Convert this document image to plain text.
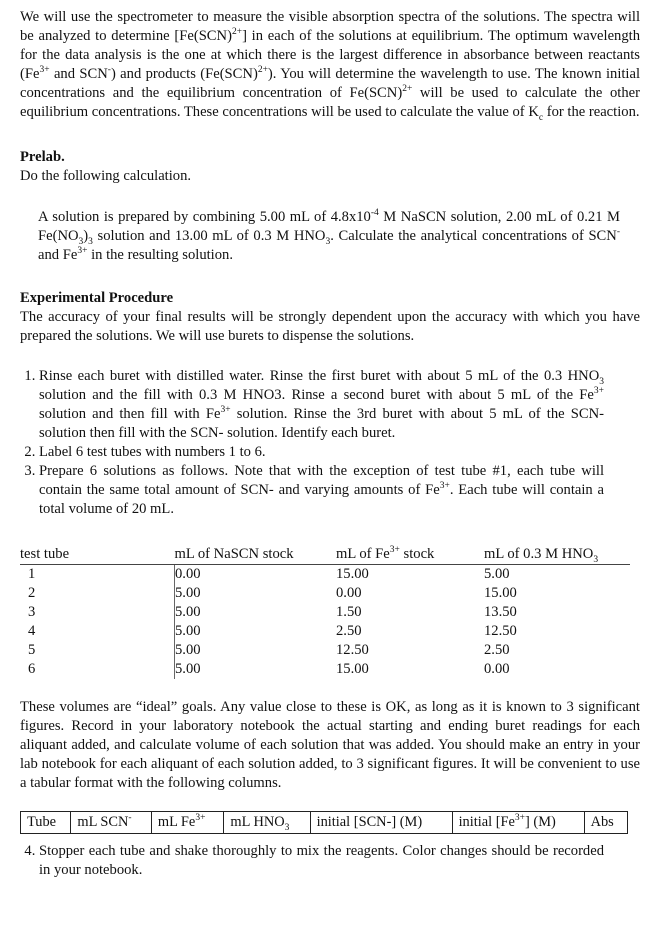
We will use the spectrometer to measure the visible absorption spectra of the solutions. The spectra will be analyzed to determine [Fe(SCN)$^{2+}$] in each of the solutions at equilibrium. The optimum wavelength for the data analysis is the one at which there is the largest difference in absorbance between reactants ($Fe^{3+}$ and SCN-) and products (Fe(SCN)$^{2+}$). You will determine the wavelength to use. The known initial concentrations and the equilibrium concentration of Fe(SCN)$^{2+}$ will be used to calculate the other equilibrium concentrations. These concentrations will be used to calculate the value of $K_c$ for the reaction.

Prelab.

Do the following calculation.

A solution is prepared by combining 5.00 mL of $4.8x10^{-4}$ M NaSCN solution, 2.00 mL of 0.21 M $Fe(NO_3)_3$ solution and 13.00 mL of 0.3 M $HNO_3$. Calculate the analytical concentrations of SCN- and $Fe^{3+}$ in the resulting solution.

Experimental Procedure

The accuracy of your final results will be strongly dependent upon the accuracy with which you have prepared the solutions. We will use burets to dispense the solutions.

1. Rinse each buret with distilled water. Rinse the first buret with about 5 mL of the 0.3 $HNO_3$ solution and the fill with 0.3 M HNO3. Rinse a second buret with about 5 mL of the $Fe^{3+}$ solution and then fill with $Fe^{3+}$ solution. Rinse the 3rd buret with about 5 mL of the SCN- solution then fill with the SCN- solution. Identify each buret.
2. Label 6 test tubes with numbers 1 to 6.
3. Prepare 6 solutions as follows. Note that with the exception of test tube #1, each tube will contain the same total amount of SCN- and varying amounts of $Fe^{3+}$. Each tube will contain a total volume of 20 mL.
test tube	mL of NaSCN stock	mL of $Fe^{3+}$ stock	mL of 0.3 M $HNO_3$
1	0.00	15.00	5.00
2	5.00	0.00	15.00
3	5.00	1.50	13.50
4	5.00	2.50	12.50
5	5.00	12.50	2.50
6	5.00	15.00	0.00

These volumes are “ideal” goals. Any value close to these is OK, as long as it is known to 3 significant figures. Record in your laboratory notebook the actual starting and ending buret readings for each aliquant added, and calculate volume of each solution that was added. You should make an entry in your lab notebook for each aliquant of each solution added, to 3 significant figures. It will be convenient to use a tabular format with the following columns.

Tube	mL SCN-	mL $Fe^{3+}$	mL $HNO_3$	initial [SCN-] (M)	initial $[Fe^{3+}]$ (M)	Abs
4. Stopper each tube and shake thoroughly to mix the reagents. Color changes should be recorded in your notebook.
